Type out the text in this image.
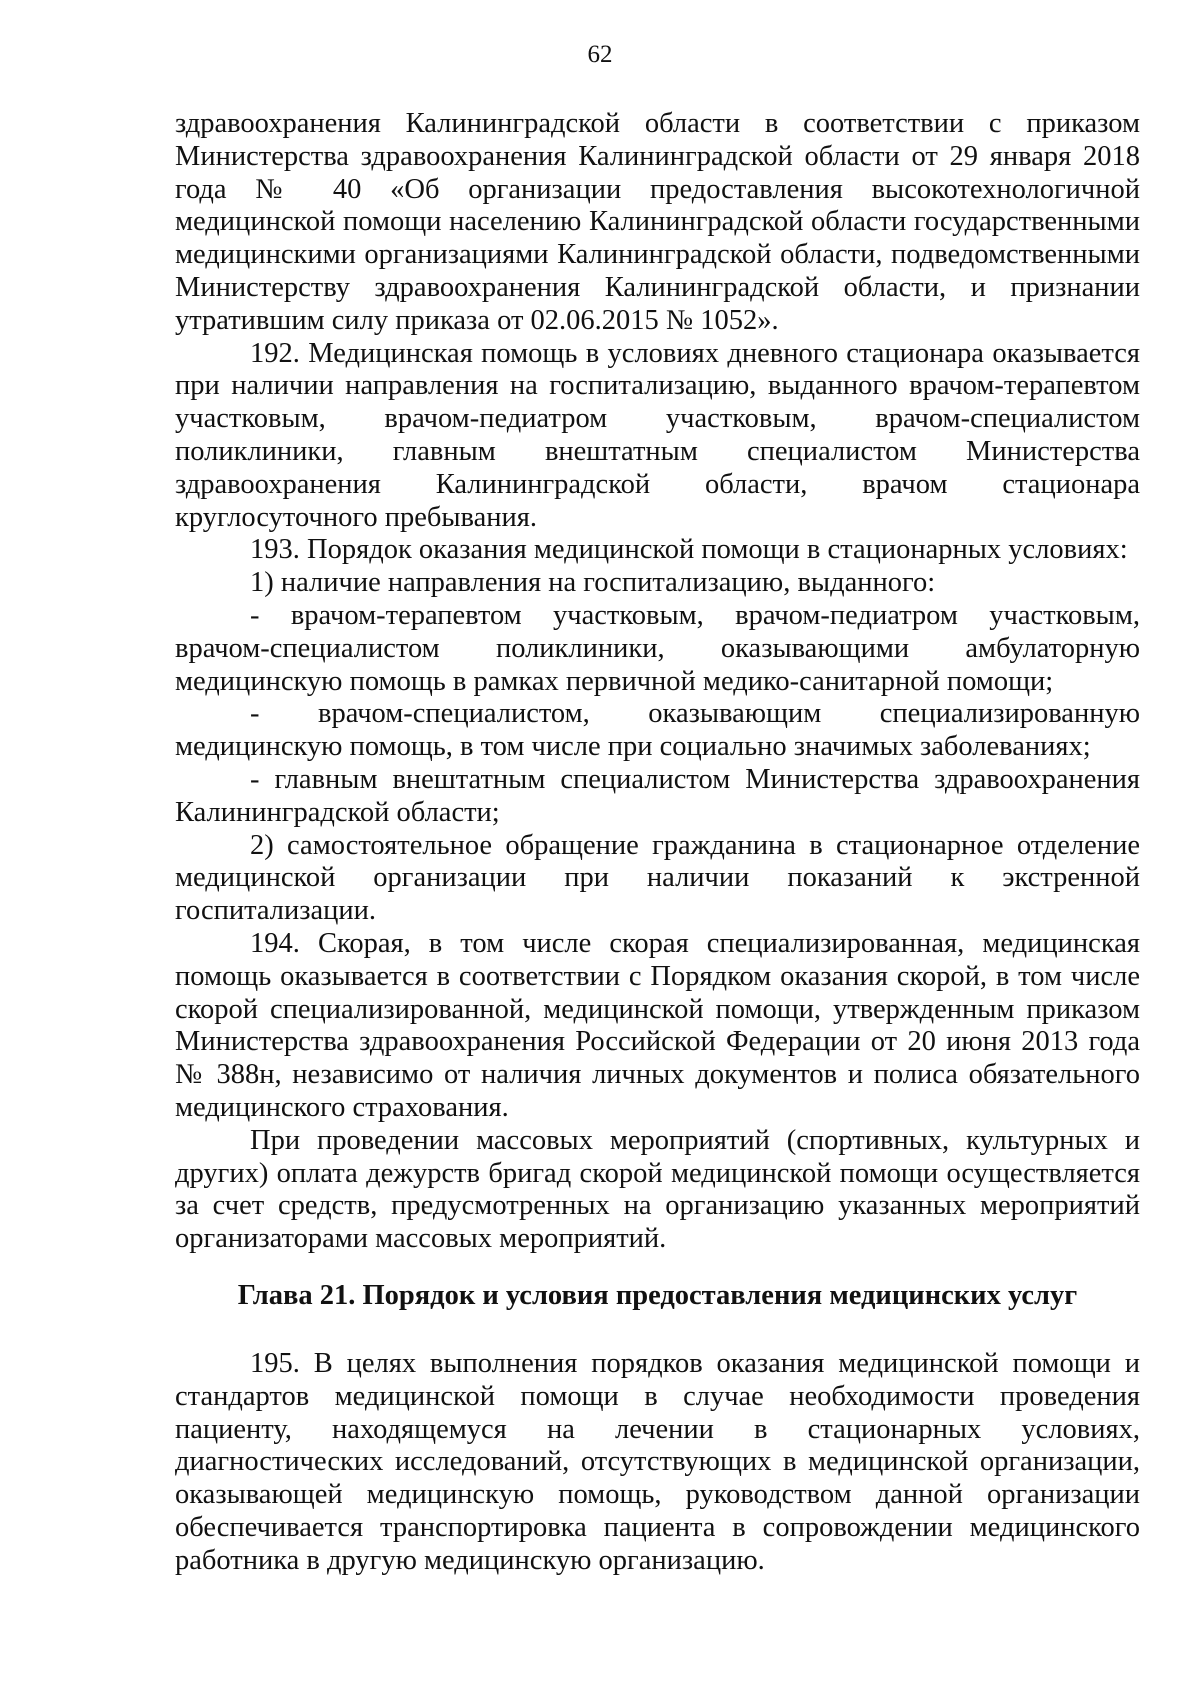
62

здравоохранения Калининградской области в соответствии с приказом Министерства здравоохранения Калининградской области от 29 января 2018 года № 40 «Об организации предоставления высокотехнологичной медицинской помощи населению Калининградской области государственными медицинскими организациями Калининградской области, подведомственными Министерству здравоохранения Калининградской области, и признании утратившим силу приказа от 02.06.2015 № 1052».

192. Медицинская помощь в условиях дневного стационара оказывается при наличии направления на госпитализацию, выданного врачом-терапевтом участковым, врачом-педиатром участковым, врачом-специалистом поликлиники, главным внештатным специалистом Министерства здравоохранения Калининградской области, врачом стационара круглосуточного пребывания.

193. Порядок оказания медицинской помощи в стационарных условиях:

1) наличие направления на госпитализацию, выданного:

- врачом-терапевтом участковым, врачом-педиатром участковым, врачом-специалистом поликлиники, оказывающими амбулаторную медицинскую помощь в рамках первичной медико-санитарной помощи;

- врачом-специалистом, оказывающим специализированную медицинскую помощь, в том числе при социально значимых заболеваниях;

- главным внештатным специалистом Министерства здравоохранения Калининградской области;

2) самостоятельное обращение гражданина в стационарное отделение медицинской организации при наличии показаний к экстренной госпитализации.

194. Скорая, в том числе скорая специализированная, медицинская помощь оказывается в соответствии с Порядком оказания скорой, в том числе скорой специализированной, медицинской помощи, утвержденным приказом Министерства здравоохранения Российской Федерации от 20 июня 2013 года № 388н, независимо от наличия личных документов и полиса обязательного медицинского страхования.

При проведении массовых мероприятий (спортивных, культурных и других) оплата дежурств бригад скорой медицинской помощи осуществляется за счет средств, предусмотренных на организацию указанных мероприятий организаторами массовых мероприятий.

Глава 21. Порядок и условия предоставления медицинских услуг

195. В целях выполнения порядков оказания медицинской помощи и стандартов медицинской помощи в случае необходимости проведения пациенту, находящемуся на лечении в стационарных условиях, диагностических исследований, отсутствующих в медицинской организации, оказывающей медицинскую помощь, руководством данной организации обеспечивается транспортировка пациента в сопровождении медицинского работника в другую медицинскую организацию.
